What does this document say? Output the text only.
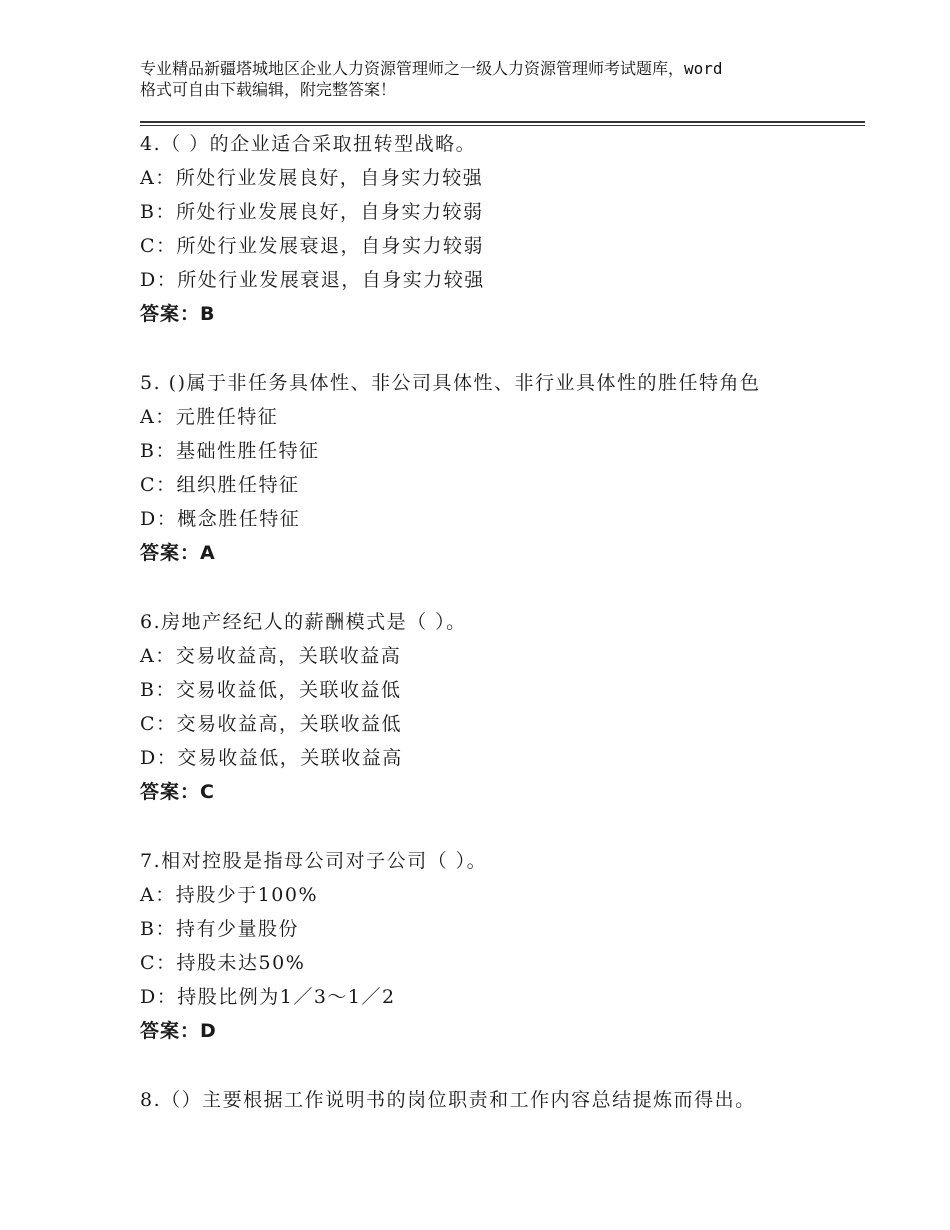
专业精品新疆塔城地区企业人力资源管理师之一级人力资源管理师考试题库，word
格式可自由下载编辑，附完整答案！
4.（ ）的企业适合采取扭转型战略。
A：所处行业发展良好，自身实力较强
B：所处行业发展良好，自身实力较弱
C：所处行业发展衰退，自身实力较弱
D：所处行业发展衰退，自身实力较强
答案：B
5. ()属于非任务具体性、非公司具体性、非行业具体性的胜任特角色
A：元胜任特征
B：基础性胜任特征
C：组织胜任特征
D：概念胜任特征
答案：A
6.房地产经纪人的薪酬模式是（ ）。
A：交易收益高，关联收益高
B：交易收益低，关联收益低
C：交易收益高，关联收益低
D：交易收益低，关联收益高
答案：C
7.相对控股是指母公司对子公司（ ）。
A：持股少于100%
B：持有少量股份
C：持股未达50%
D：持股比例为1／3～1／2
答案：D
8.（）主要根据工作说明书的岗位职责和工作内容总结提炼而得出。
